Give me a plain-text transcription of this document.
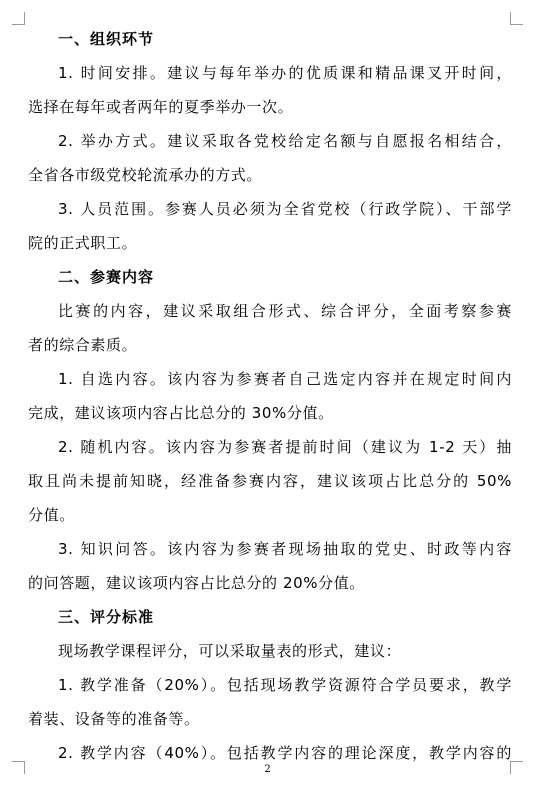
一、组织环节
1. 时间安排。建议与每年举办的优质课和精品课叉开时间，
选择在每年或者两年的夏季举办一次。
2. 举办方式。建议采取各党校给定名额与自愿报名相结合，
全省各市级党校轮流承办的方式。
3. 人员范围。参赛人员必须为全省党校（行政学院）、干部学
院的正式职工。
二、参赛内容
比赛的内容，建议采取组合形式、综合评分，全面考察参赛
者的综合素质。
1. 自选内容。该内容为参赛者自己选定内容并在规定时间内
完成，建议该项内容占比总分的 30%分值。
2. 随机内容。该内容为参赛者提前时间（建议为 1-2 天）抽
取且尚未提前知晓，经准备参赛内容，建议该项占比总分的 50%
分值。
3. 知识问答。该内容为参赛者现场抽取的党史、时政等内容
的问答题，建议该项内容占比总分的 20%分值。
三、评分标准
现场教学课程评分，可以采取量表的形式，建议：
1. 教学准备（20%）。包括现场教学资源符合学员要求，教学
着装、设备等的准备等。
2. 教学内容（40%）。包括教学内容的理论深度，教学内容的
2
